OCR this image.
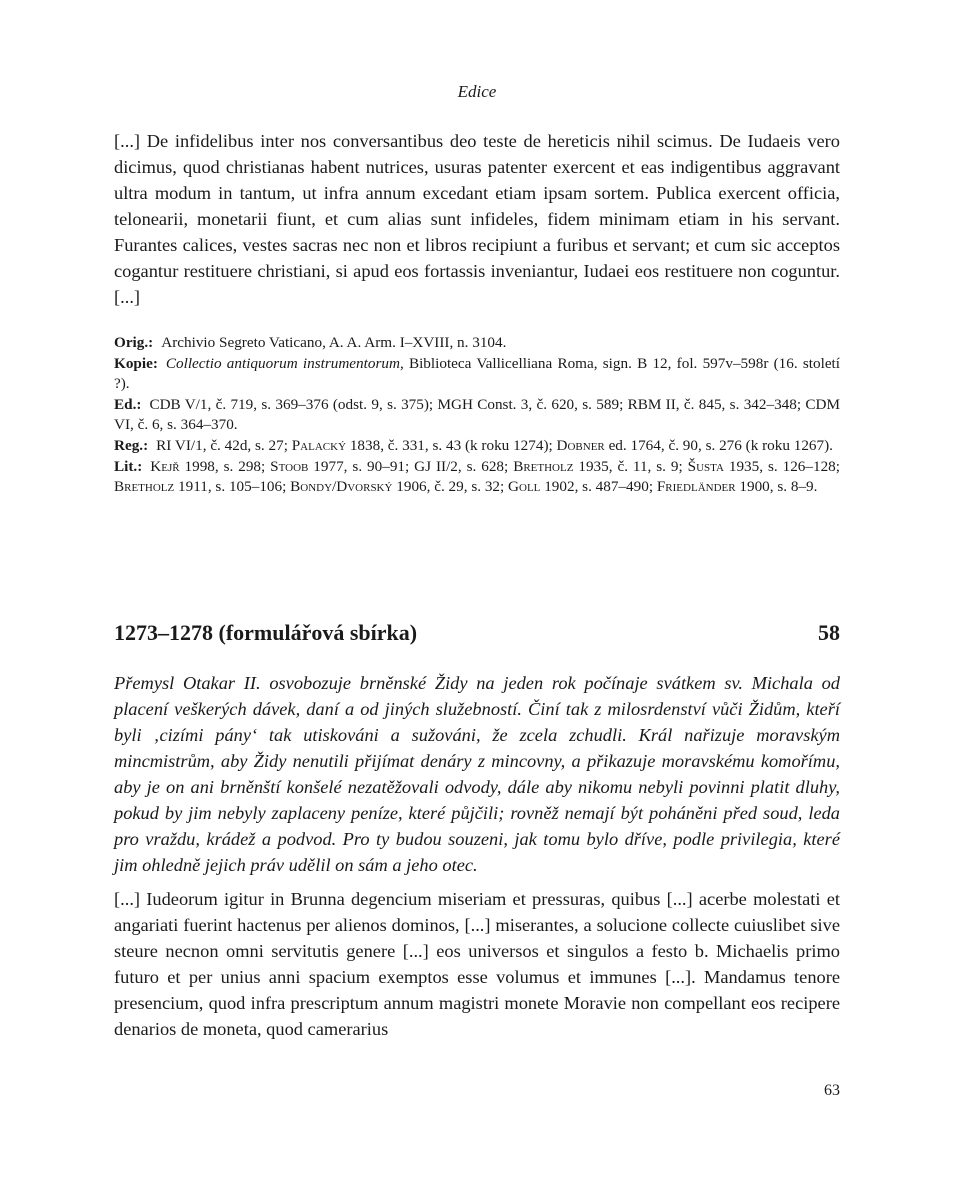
Edice

[...] De infidelibus inter nos conversantibus deo teste de hereticis nihil scimus. De Iudaeis vero dicimus, quod christianas habent nutrices, usuras patenter exercent et eas indigentibus aggravant ultra modum in tantum, ut infra annum excedant etiam ipsam sortem. Publica exercent officia, telonearii, monetarii fiunt, et cum alias sunt infideles, fidem minimam etiam in his servant. Furantes calices, vestes sacras nec non et libros recipiunt a furibus et servant; et cum sic acceptos cogantur restituere christiani, si apud eos fortassis inveniantur, Iudaei eos restituere non coguntur. [...]

Orig.: Archivio Segreto Vaticano, A. A. Arm. I–XVIII, n. 3104.

Kopie: Collectio antiquorum instrumentorum, Biblioteca Vallicelliana Roma, sign. B 12, fol. 597v–598r (16. století ?).

Ed.: CDB V/1, č. 719, s. 369–376 (odst. 9, s. 375); MGH Const. 3, č. 620, s. 589; RBM II, č. 845, s. 342–348; CDM VI, č. 6, s. 364–370.

Reg.: RI VI/1, č. 42d, s. 27; Palacký 1838, č. 331, s. 43 (k roku 1274); Dobner ed. 1764, č. 90, s. 276 (k roku 1267).

Lit.: Kejř 1998, s. 298; Stoob 1977, s. 90–91; GJ II/2, s. 628; Bretholz 1935, č. 11, s. 9; Šusta 1935, s. 126–128; Bretholz 1911, s. 105–106; Bondy/Dvorský 1906, č. 29, s. 32; Goll 1902, s. 487–490; Friedländer 1900, s. 8–9.

1273–1278 (formulářová sbírka)	58

Přemysl Otakar II. osvobozuje brněnské Židy na jeden rok počínaje svátkem sv. Michala od placení veškerých dávek, daní a od jiných služebností. Činí tak z milosrdenství vůči Židům, kteří byli ‚cizími pány‘ tak utiskováni a sužováni, že zcela zchudli. Král nařizuje moravským mincmistrům, aby Židy nenutili přijímat denáry z mincovny, a přikazuje moravskému komořímu, aby je on ani brněnští konšelé nezatěžovali odvody, dále aby nikomu nebyli povinni platit dluhy, pokud by jim nebyly zaplaceny peníze, které půjčili; rovněž nemají být poháněni před soud, leda pro vraždu, krádež a podvod. Pro ty budou souzeni, jak tomu bylo dříve, podle privilegia, které jim ohledně jejich práv udělil on sám a jeho otec.

[...] Iudeorum igitur in Brunna degencium miseriam et pressuras, quibus [...] acerbe molestati et angariati fuerint hactenus per alienos dominos, [...] miserantes, a solucione collecte cuiuslibet sive steure necnon omni servitutis genere [...] eos universos et singulos a festo b. Michaelis primo futuro et per unius anni spacium exemptos esse volumus et immunes [...]. Mandamus tenore presencium, quod infra prescriptum annum magistri monete Moravie non compellant eos recipere denarios de moneta, quod camerarius

63
